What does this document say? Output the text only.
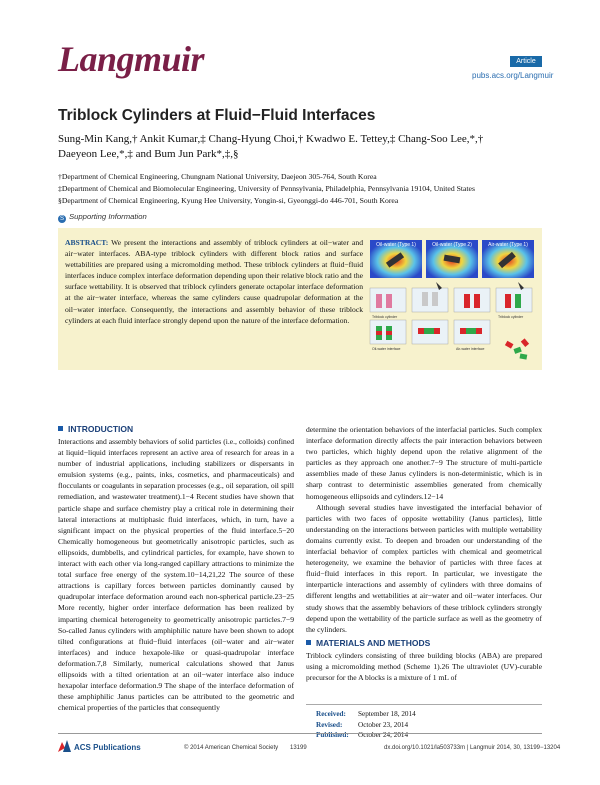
Langmuir	Article
pubs.acs.org/Langmuir
Triblock Cylinders at Fluid−Fluid Interfaces
Sung-Min Kang,† Ankit Kumar,‡ Chang-Hyung Choi,† Kwadwo E. Tettey,‡ Chang-Soo Lee,*,†
Daeyeon Lee,*,‡ and Bum Jun Park*,‡,§
†Department of Chemical Engineering, Chungnam National University, Daejeon 305-764, South Korea
‡Department of Chemical and Biomolecular Engineering, University of Pennsylvania, Philadelphia, Pennsylvania 19104, United States
§Department of Chemical Engineering, Kyung Hee University, Yongin-si, Gyeonggi-do 446-701, South Korea
S Supporting Information
ABSTRACT: We present the interactions and assembly of triblock cylinders at oil−water and air−water interfaces. ABA-type triblock cylinders with different block ratios and surface wettabilities are prepared using a micromolding method. These triblock cylinders at fluid−fluid interfaces induce complex interface deformation depending upon their relative block ratio and the surface wettability. It is observed that triblock cylinders generate octapolar interface deformation at the air−water interface, whereas the same cylinders cause quadrupolar deformation at the oil−water interface. Consequently, the interactions and assembly behavior of these triblock cylinders at each fluid interface strongly depend upon the nature of the interface deformation.
Oil-water (Type 1)	Oil-water (Type 2)	Air-water (Type 1)
Triblock cylinder	Triblock cylinder
Oil-water interface	Air-water interface
INTRODUCTION

Interactions and assembly behaviors of solid particles (i.e., colloids) confined at liquid−liquid interfaces represent an active area of research for areas in a number of industrial applications, including stabilizers or dispersants in emulsion systems (e.g., paints, inks, cosmetics, and pharmaceuticals) and flocculants or coagulants in separation processes (e.g., oil separation, oil spill remediation, and wastewater treatment).1−4 Recent studies have shown that particle shape and surface chemistry play a critical role in determining their lateral interactions at multiphasic fluid interfaces, which, in turn, have a significant impact on the physical properties of the fluid interface.5−20 Chemically homogeneous but geometrically anisotropic particles, such as ellipsoids, dumbbells, and cylindrical particles, for example, have shown to interact with each other via long-ranged capillary attractions to minimize the total surface free energy of the system.10−14,21,22 The source of these attractions is capillary forces between particles dominantly caused by quadrupolar interface deformation around each non-spherical particle.23−25 More recently, higher order interface deformation has been realized by imparting chemical heterogeneity to geometrically anisotropic particles.7−9 So-called Janus cylinders with amphiphilic nature have been shown to adopt tilted configurations at fluid−fluid interfaces (oil−water and air−water interfaces) and induce hexapole-like or quasi-quadrupolar interface deformation.7,8 Similarly, numerical calculations showed that Janus ellipsoids with a tilted orientation at an oil−water interface also induce hexapolar interface deformation.9 The shape of the interface deformation of these amphiphilic Janus particles can be attributed to the geometric and chemical properties of the particles that consequently

determine the orientation behaviors of the interfacial particles. Such complex interface deformation directly affects the pair interaction behaviors between two particles, which highly depend upon the relative alignment of the particles as they approach one another.7−9 The structure of multi-particle assemblies made of these Janus cylinders is non-deterministic, which is in sharp contrast to deterministic assemblies generated from chemically homogeneous ellipsoids and cylinders.12−14

Although several studies have investigated the interfacial behavior of particles with two faces of opposite wettability (Janus particles), little understanding on the interactions between particles with multiple wettability domains currently exist. To deepen and broaden our understanding of the interfacial behavior of complex particles with chemical and geometrical heterogeneity, we examine the behavior of particles with three faces at fluid−fluid interfaces in this report. In particular, we investigate the interparticle interactions and assembly of cylinders with three domains of different lengths and wettabilities at air−water and oil−water interfaces. Our study shows that the assembly behaviors of these triblock cylinders strongly depend upon the wettability of the particle surface as well as the geometry of the cylinders.

MATERIALS AND METHODS

Triblock cylinders consisting of three building blocks (ABA) are prepared using a micromolding method (Scheme 1).26 The ultraviolet (UV)-curable precursor for the A blocks is a mixture of 1 mL of

Received: September 18, 2014
Revised: October 23, 2014
Published: October 24, 2014
ACS Publications	© 2014 American Chemical Society 13199	dx.doi.org/10.1021/la503733m | Langmuir 2014, 30, 13199−13204
